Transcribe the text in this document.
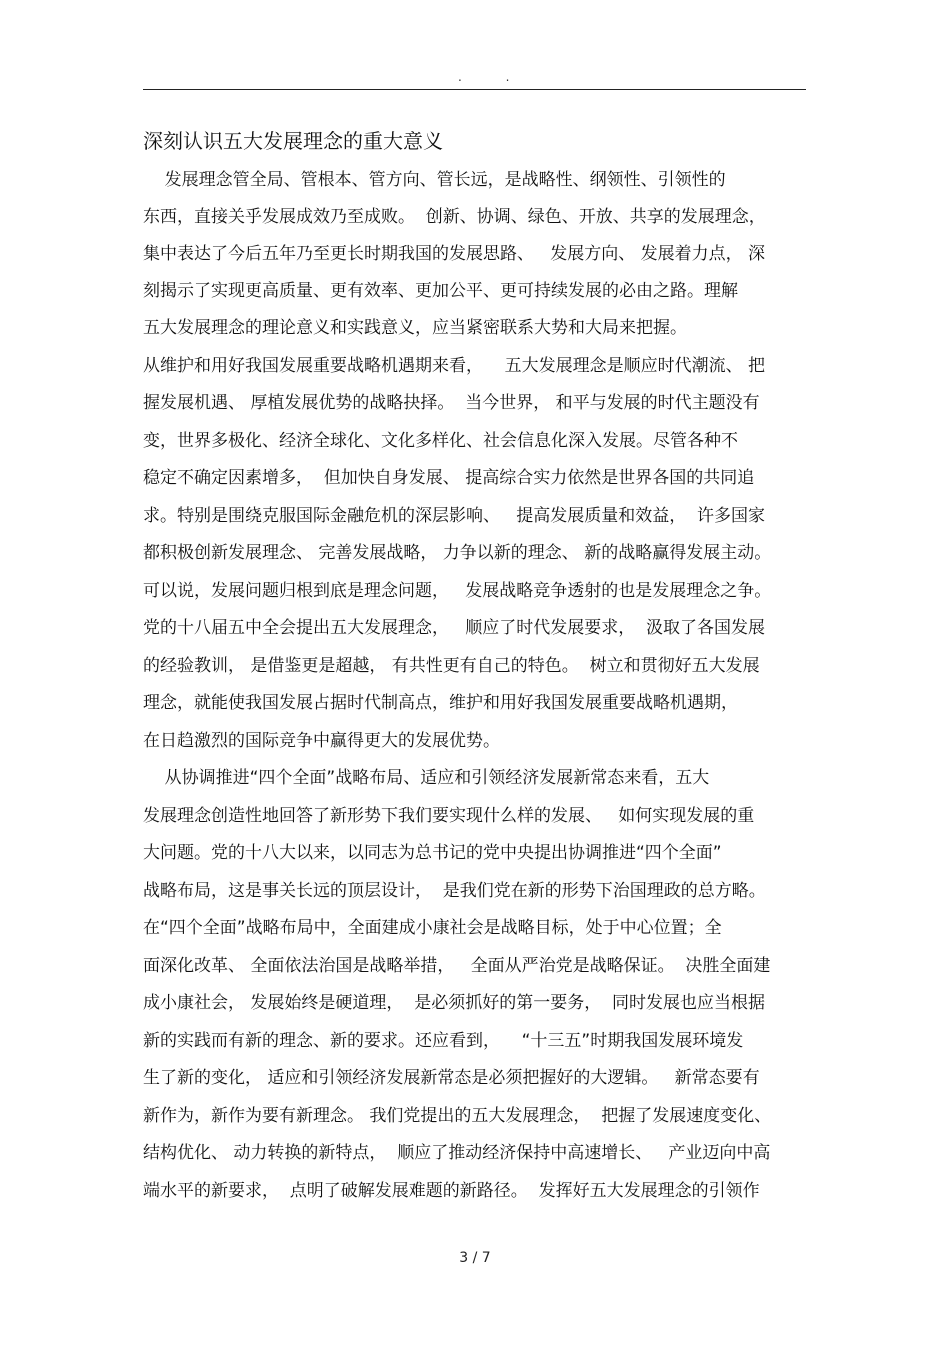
. .
深刻认识五大发展理念的重大意义
发展理念管全局、管根本、管方向、管长远，是战略性、纲领性、引领性的
东西，直接关乎发展成效乃至成败。  创新、协调、绿色、开放、共享的发展理念，
集中表达了今后五年乃至更长时期我国的发展思路、   发展方向、 发展着力点， 深
刻揭示了实现更高质量、更有效率、更加公平、更可持续发展的必由之路。理解
五大发展理念的理论意义和实践意义，应当紧密联系大势和大局来把握。
从维护和用好我国发展重要战略机遇期来看，    五大发展理念是顺应时代潮流、 把
握发展机遇、 厚植发展优势的战略抉择。  当今世界， 和平与发展的时代主题没有
变，世界多极化、经济全球化、文化多样化、社会信息化深入发展。尽管各种不
稳定不确定因素增多，  但加快自身发展、 提高综合实力依然是世界各国的共同追
求。特别是围绕克服国际金融危机的深层影响、   提高发展质量和效益，  许多国家
都积极创新发展理念、 完善发展战略， 力争以新的理念、 新的战略赢得发展主动。
可以说，发展问题归根到底是理念问题，   发展战略竞争透射的也是发展理念之争。
党的十八届五中全会提出五大发展理念，   顺应了时代发展要求，  汲取了各国发展
的经验教训， 是借鉴更是超越， 有共性更有自己的特色。  树立和贯彻好五大发展
理念，就能使我国发展占据时代制高点，维护和用好我国发展重要战略机遇期，
在日趋激烈的国际竞争中赢得更大的发展优势。
从协调推进“四个全面”战略布局、适应和引领经济发展新常态来看，五大
发展理念创造性地回答了新形势下我们要实现什么样的发展、   如何实现发展的重
大问题。党的十八大以来，以同志为总书记的党中央提出协调推进“四个全面”
战略布局，这是事关长远的顶层设计，  是我们党在新的形势下治国理政的总方略。
在“四个全面”战略布局中，全面建成小康社会是战略目标，处于中心位置；全
面深化改革、 全面依法治国是战略举措，   全面从严治党是战略保证。  决胜全面建
成小康社会， 发展始终是硬道理，  是必须抓好的第一要务，  同时发展也应当根据
新的实践而有新的理念、新的要求。还应看到，    “十三五”时期我国发展环境发
生了新的变化， 适应和引领经济发展新常态是必须把握好的大逻辑。   新常态要有
新作为，新作为要有新理念。 我们党提出的五大发展理念，  把握了发展速度变化、
结构优化、 动力转换的新特点，  顺应了推动经济保持中高速增长、   产业迈向中高
端水平的新要求，  点明了破解发展难题的新路径。  发挥好五大发展理念的引领作
3 / 7
